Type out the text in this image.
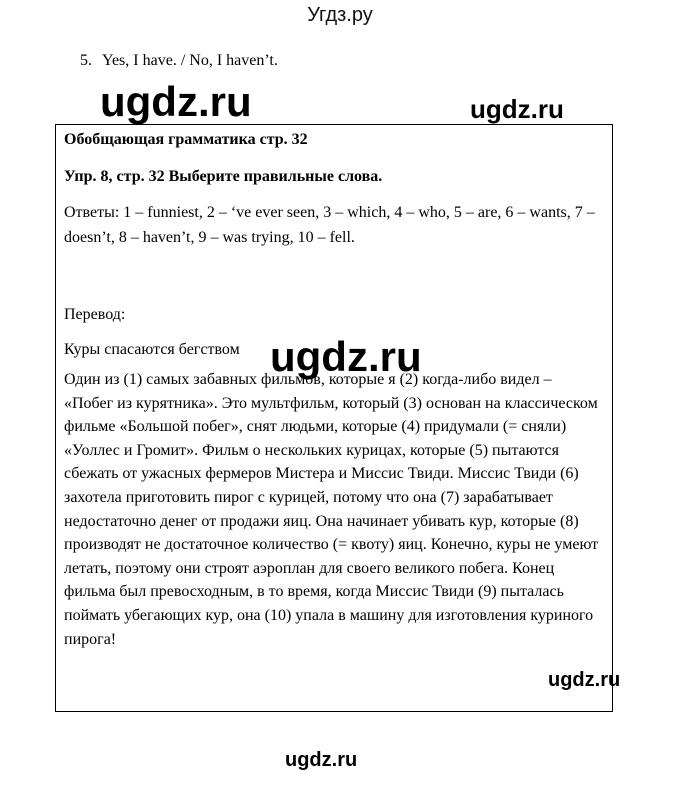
Угдз.ру
5. Yes, I have. / No, I haven’t.
Обобщающая грамматика стр. 32
Упр. 8, стр. 32 Выберите правильные слова.
Ответы: 1 – funniest, 2 – ‘ve ever seen, 3 – which, 4 – who, 5 – are, 6 – wants, 7 – doesn’t, 8 – haven’t, 9 – was trying, 10 – fell.
Перевод:
Куры спасаются бегством
Один из (1) самых забавных фильмов, которые я (2) когда-либо видел – «Побег из курятника». Это мультфильм, который (3) основан на классическом фильме «Большой побег», снят людьми, которые (4) придумали (= сняли) «Уоллес и Громит». Фильм о нескольких курицах, которые (5) пытаются сбежать от ужасных фермеров Мистера и Миссис Твиди. Миссис Твиди (6) захотела приготовить пирог с курицей, потому что она (7) зарабатывает недостаточно денег от продажи яиц. Она начинает убивать кур, которые (8) производят не достаточное количество (= квоту) яиц. Конечно, куры не умеют летать, поэтому они строят аэроплан для своего великого побега. Конец фильма был превосходным, в то время, когда Миссис Твиди (9) пыталась поймать убегающих кур, она (10) упала в машину для изготовления куриного пирога!
ugdz.ru	ugdz.ru
ugdz.ru
ugdz.ru
ugdz.ru
